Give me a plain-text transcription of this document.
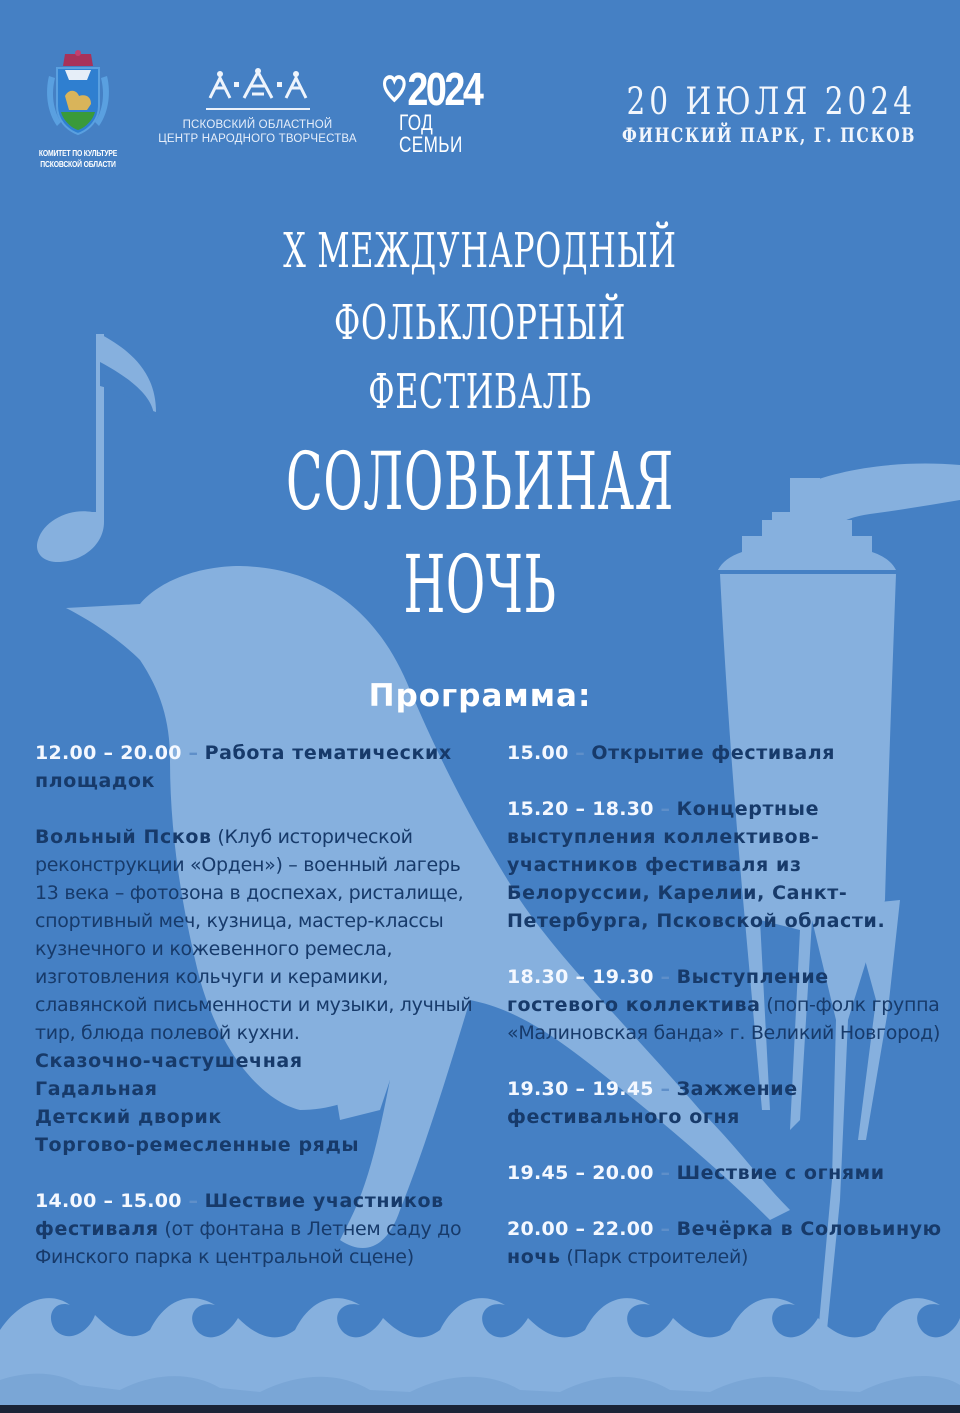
КОМИТЕТ ПО КУЛЬТУРЕ
ПСКОВСКОЙ ОБЛАСТИ
ПСКОВСКИЙ ОБЛАСТНОЙ
ЦЕНТР НАРОДНОГО ТВОРЧЕСТВА
2024
ГОД СЕМЬИ
20 ИЮЛЯ 2024
ФИНСКИЙ ПАРК, Г. ПСКОВ
X МЕЖДУНАРОДНЫЙ
ФОЛЬКЛОРНЫЙ
ФЕСТИВАЛЬ
СОЛОВЬИНАЯ
НОЧЬ
Программа:
12.00 – 20.00 – Работа тематических площадок
Вольный Псков (Клуб исторической реконструкции «Орден») – военный лагерь 13 века – фотозона в доспехах, ристалище, спортивный меч, кузница, мастер-классы кузнечного и кожевенного ремесла, изготовления кольчуги и керамики, славянской письменности и музыки, лучный тир, блюда полевой кухни.
Сказочно-частушечная
Гадальная
Детский дворик
Торгово-ремесленные ряды
14.00 – 15.00 – Шествие участников фестиваля (от фонтана в Летнем саду до Финского парка к центральной сцене)
15.00 – Открытие фестиваля
15.20 – 18.30 – Концертные выступления коллективов-участников фестиваля из Белоруссии, Карелии, Санкт-Петербурга, Псковской области.
18.30 – 19.30 – Выступление гостевого коллектива (поп-фолк группа «Малиновская банда» г. Великий Новгород)
19.30 – 19.45 – Зажжение фестивального огня
19.45 – 20.00 – Шествие с огнями
20.00 – 22.00 – Вечёрка в Соловьиную ночь (Парк строителей)
